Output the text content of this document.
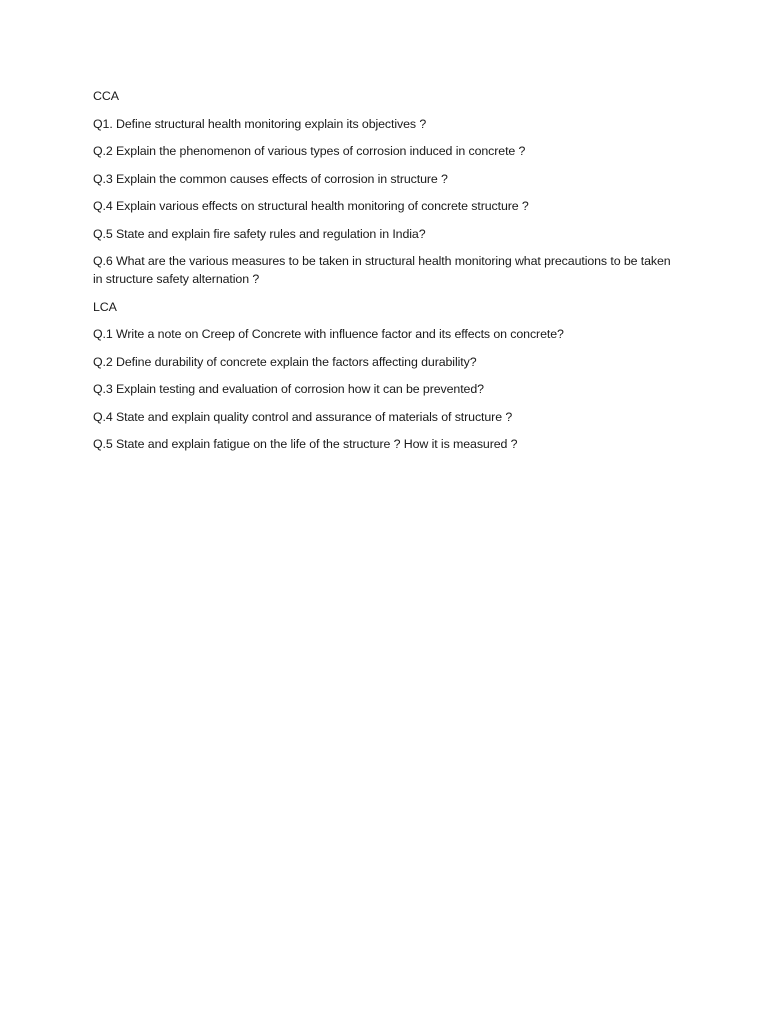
CCA
Q1. Define structural health monitoring explain its objectives ?
Q.2 Explain the phenomenon of various types of corrosion induced in concrete ?
Q.3 Explain the common causes effects of corrosion in structure ?
Q.4 Explain various effects on structural health monitoring of concrete structure ?
Q.5 State and explain fire safety rules and regulation in India?
Q.6 What are the various measures to be taken in structural health monitoring what precautions to be taken in structure safety alternation ?
LCA
Q.1 Write a note on Creep of Concrete with influence factor and its effects on concrete?
Q.2 Define durability of concrete explain the factors affecting durability?
Q.3 Explain testing and evaluation of corrosion how it can be prevented?
Q.4 State and explain quality control and assurance of materials of structure ?
Q.5 State and explain fatigue on the life of the structure ? How it is measured ?
